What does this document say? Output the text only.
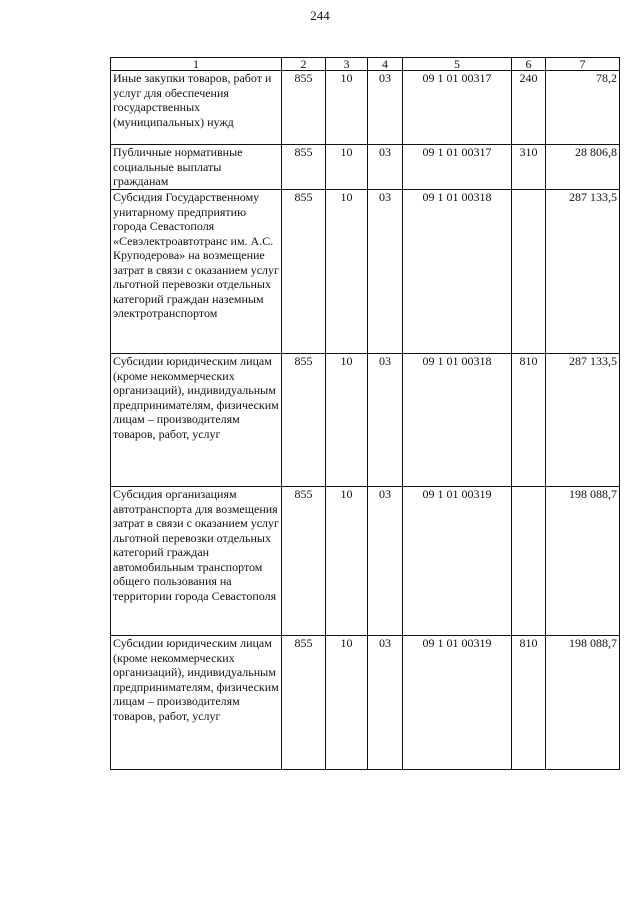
244
1	2	3	4	5	6	7
Иные закупки товаров, работ и услуг для обеспечения государственных (муниципальных) нужд	855	10	03	09 1 01 00317	240	78,2
Публичные нормативные социальные выплаты гражданам	855	10	03	09 1 01 00317	310	28 806,8
Субсидия Государственному унитарному предприятию города Севастополя «Севэлектроавтотранс им. А.С. Круподерова» на возмещение затрат в связи с оказанием услуг льготной перевозки отдельных категорий граждан наземным электротранспортом	855	10	03	09 1 01 00318		287 133,5
Субсидии юридическим лицам (кроме некоммерческих организаций), индивидуальным предпринимателям, физическим лицам – производителям товаров, работ, услуг	855	10	03	09 1 01 00318	810	287 133,5
Субсидия организациям автотранспорта для возмещения затрат в связи с оказанием услуг льготной перевозки отдельных категорий граждан автомобильным транспортом общего пользования на территории города Севастополя	855	10	03	09 1 01 00319		198 088,7
Субсидии юридическим лицам (кроме некоммерческих организаций), индивидуальным предпринимателям, физическим лицам – производителям товаров, работ, услуг	855	10	03	09 1 01 00319	810	198 088,7
